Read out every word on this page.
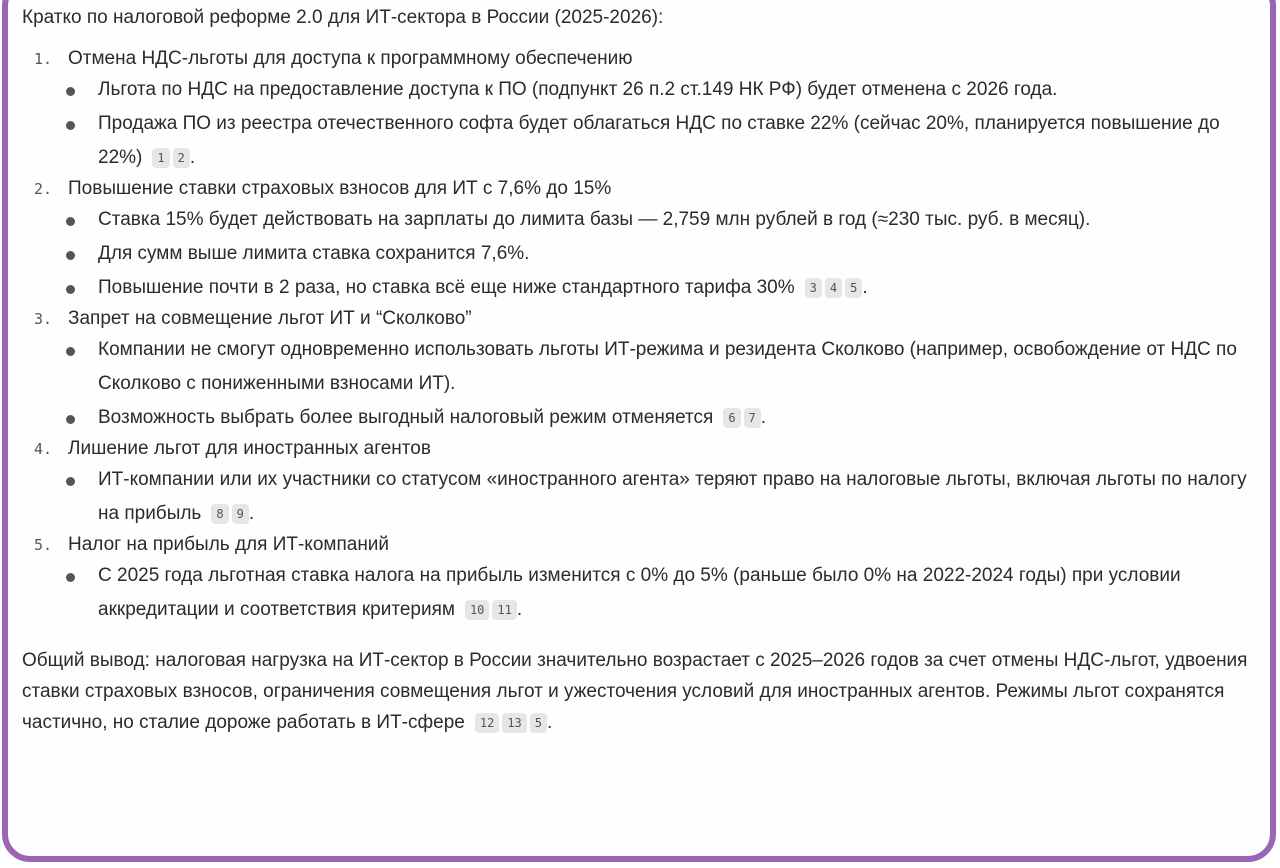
Кратко по налоговой реформе 2.0 для ИТ-сектора в России (2025-2026):
1. Отмена НДС-льготы для доступа к программному обеспечению
Льгота по НДС на предоставление доступа к ПО (подпункт 26 п.2 ст.149 НК РФ) будет отменена с 2026 года.
Продажа ПО из реестра отечественного софта будет облагаться НДС по ставке 22% (сейчас 20%, планируется повышение до 22%) 1 2 .
2. Повышение ставки страховых взносов для ИТ с 7,6% до 15%
Ставка 15% будет действовать на зарплаты до лимита базы — 2,759 млн рублей в год (≈230 тыс. руб. в месяц).
Для сумм выше лимита ставка сохранится 7,6%.
Повышение почти в 2 раза, но ставка всё еще ниже стандартного тарифа 30% 3 4 5 .
3. Запрет на совмещение льгот ИТ и “Сколково”
Компании не смогут одновременно использовать льготы ИТ-режима и резидента Сколково (например, освобождение от НДС по Сколково с пониженными взносами ИТ).
Возможность выбрать более выгодный налоговый режим отменяется 6 7 .
4. Лишение льгот для иностранных агентов
ИТ-компании или их участники со статусом «иностранного агента» теряют право на налоговые льготы, включая льготы по налогу на прибыль 8 9 .
5. Налог на прибыль для ИТ-компаний
С 2025 года льготная ставка налога на прибыль изменится с 0% до 5% (раньше было 0% на 2022-2024 годы) при условии аккредитации и соответствия критериям 10 11 .
Общий вывод: налоговая нагрузка на ИТ-сектор в России значительно возрастает с 2025–2026 годов за счет отмены НДС-льгот, удвоения ставки страховых взносов, ограничения совмещения льгот и ужесточения условий для иностранных агентов. Режимы льгот сохранятся частично, но сталие дороже работать в ИТ-сфере 12 13 5 .
